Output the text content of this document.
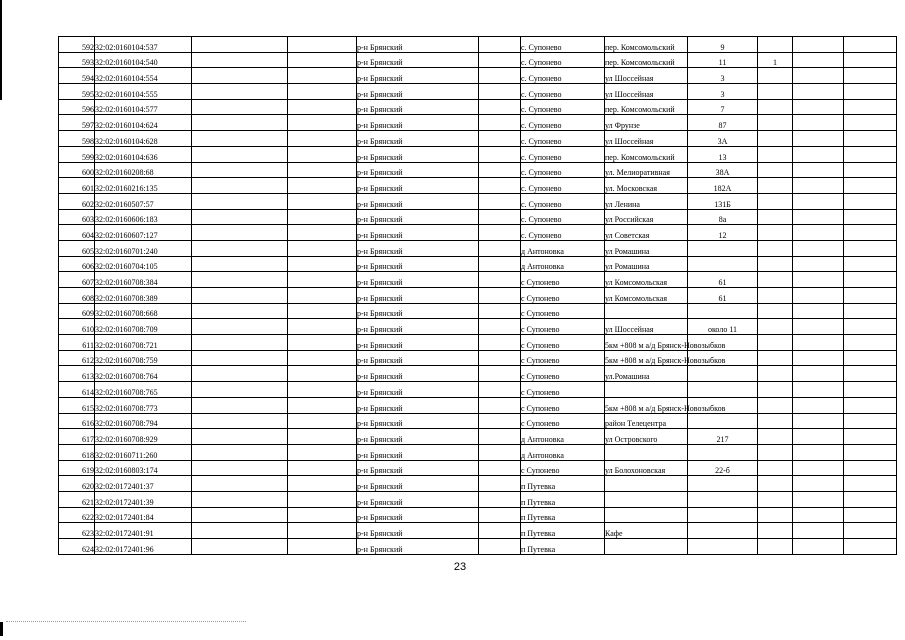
592	32:02:0160104:537			р-н Брянский		с. Супонево	пер. Комсомольский	9			
593	32:02:0160104:540			р-н Брянский		с. Супонево	пер. Комсомольский	11	1		
594	32:02:0160104:554			р-н Брянский		с. Супонево	ул Шоссейная	3			
595	32:02:0160104:555			р-н Брянский		с. Супонево	ул Шоссейная	3			
596	32:02:0160104:577			р-н Брянский		с. Супонево	пер. Комсомольский	7			
597	32:02:0160104:624			р-н Брянский		с. Супонево	ул Фрунзе	87			
598	32:02:0160104:628			р-н Брянский		с. Супонево	ул Шоссейная	3А			
599	32:02:0160104:636			р-н Брянский		с. Супонево	пер. Комсомольский	13			
600	32:02:0160208:68			р-н Брянский		с. Супонево	ул. Мелиоративная	38А			
601	32:02:0160216:135			р-н Брянский		с. Супонево	ул. Московская	182А			
602	32:02:0160507:57			р-н Брянский		с. Супонево	ул Ленина	131Б			
603	32:02:0160606:183			р-н Брянский		с. Супонево	ул Российская	8а			
604	32:02:0160607:127			р-н Брянский		с. Супонево	ул Советская	12			
605	32:02:0160701:240			р-н Брянский		д Антоновка	ул Ромашина				
606	32:02:0160704:105			р-н Брянский		д Антоновка	ул Ромашина				
607	32:02:0160708:384			р-н Брянский		с Супонево	ул Комсомольская	61			
608	32:02:0160708:389			р-н Брянский		с Супонево	ул Комсомольская	61			
609	32:02:0160708:668			р-н Брянский		с Супонево					
610	32:02:0160708:709			р-н Брянский		с Супонево	ул Шоссейная	около 11			
611	32:02:0160708:721			р-н Брянский		с Супонево	5км +808 м а/д Брянск-Новозыбков				
612	32:02:0160708:759			р-н Брянский		с Супонево	5км +808 м а/д Брянск-Новозыбков				
613	32:02:0160708:764			р-н Брянский		с Супонево	ул.Ромашина				
614	32:02:0160708:765			р-н Брянский		с Супонево					
615	32:02:0160708:773			р-н Брянский		с Супонево	5км +808 м а/д Брянск-Новозыбков				
616	32:02:0160708:794			р-н Брянский		с Супонево	район Телецентра				
617	32:02:0160708:929			р-н Брянский		д Антоновка	ул Островского	217			
618	32:02:0160711:260			р-н Брянский		д Антоновка					
619	32:02:0160803:174			р-н Брянский		с Супонево	ул Болохоновская	22-б			
620	32:02:0172401:37			р-н Брянский		п Путевка					
621	32:02:0172401:39			р-н Брянский		п Путевка					
622	32:02:0172401:84			р-н Брянский		п Путевка					
623	32:02:0172401:91			р-н Брянский		п Путевка	Кафе				
624	32:02:0172401:96			р-н Брянский		п Путевка					
23
